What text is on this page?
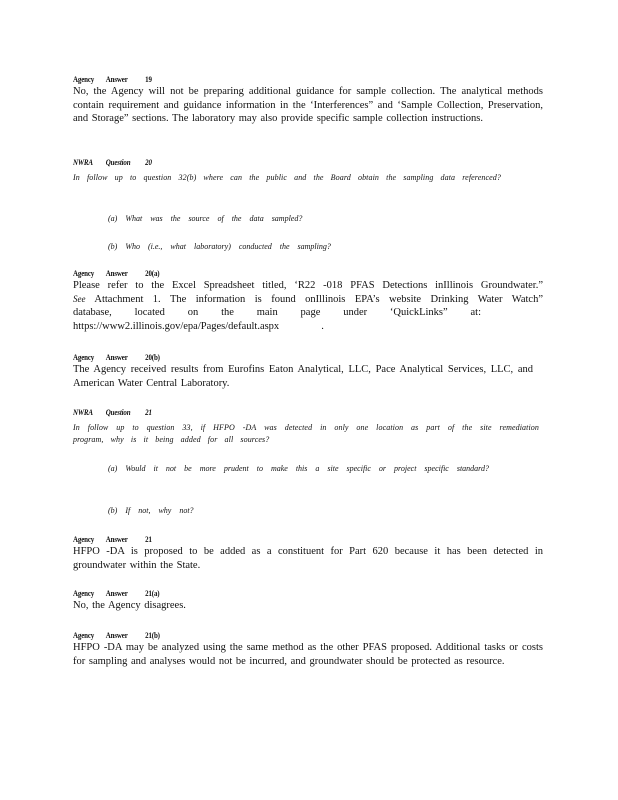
Agency Answer 19
No, the Agency will not be preparing additional guidance for sample collection. The analytical methods contain requirement and guidance information in the ‘Interferences” and ‘Sample Collection, Preservation, and Storage” sections. The laboratory may also provide specific sample collection instructions.
NWRA Question 20
In follow up to question 32(b) where can the public and the Board obtain the sampling data referenced?
(a) What was the source of the data sampled?
(b) Who (i.e., what laboratory) conducted the sampling?
Agency Answer 20(a)
Please refer to the Excel Spreadsheet titled, ‘R22 -018 PFAS Detections inIllinois Groundwater.”
See Attachment 1. The information is found onIllinois EPA’s website Drinking Water Watch”
database, located on the main page under ‘QuickLinks” at:
https://www2.illinois.gov/epa/Pages/default.aspx	.
Agency Answer 20(b)
The Agency received results from Eurofins Eaton Analytical, LLC, Pace Analytical Services, LLC, and American Water Central Laboratory.
NWRA Question 21
In follow up to question 33, if HFPO -DA was detected in only one location as part of the site remediation program, why is it being added for all sources?
(a) Would it not be more prudent to make this a site specific or project specific standard?
(b) If not, why not?
Agency Answer 21
HFPO -DA is proposed to be added as a constituent for Part 620 because it has been detected in groundwater within the State.
Agency Answer 21(a)
No, the Agency disagrees.
Agency Answer 21(b)
HFPO -DA may be analyzed using the same method as the other PFAS proposed. Additional tasks or costs for sampling and analyses would not be incurred, and groundwater should be protected as resource.
